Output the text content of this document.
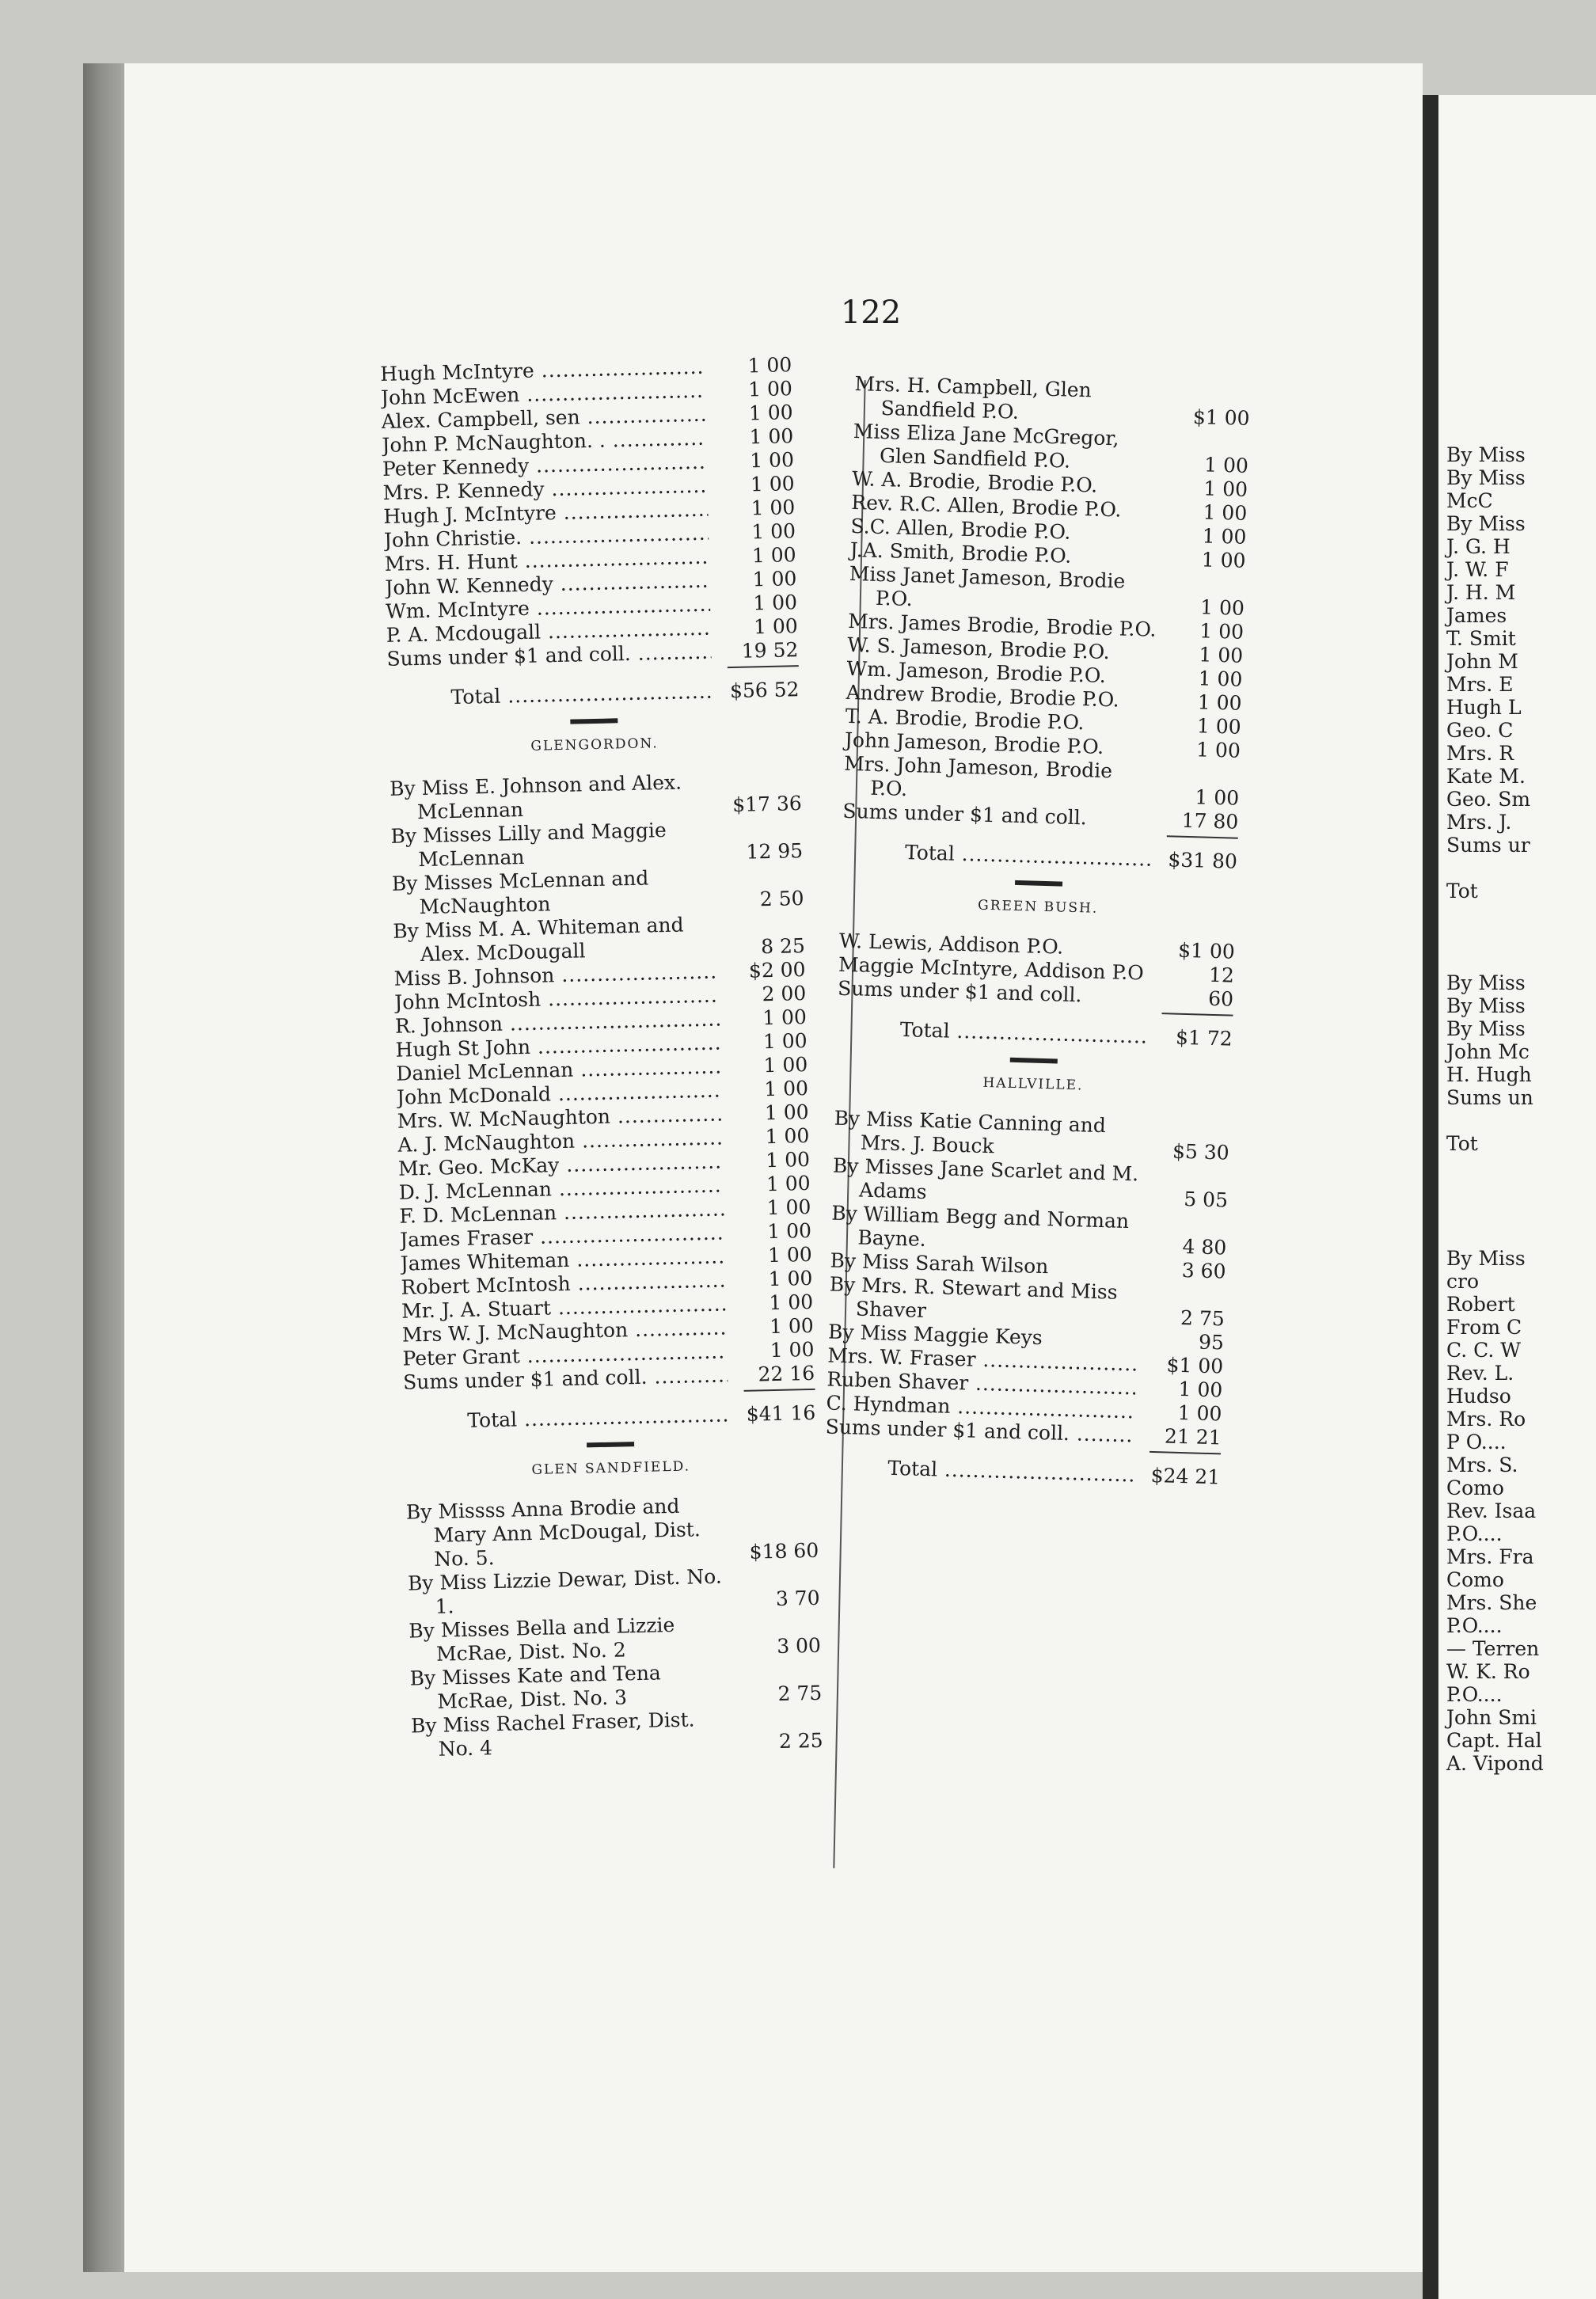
By Miss
By Miss
McC
By Miss
J. G. H
J. W. F
J. H. M
James
T. Smit
John M
Mrs. E
Hugh L
Geo. C
Mrs. R
Kate M.
Geo. Sm
Mrs. J.
Sums ur
Tot
By Miss
By Miss
By Miss
John Mc
H. Hugh
Sums un
Tot
By Miss
cro
Robert
From C
C. C. W
Rev. L.
Hudso
Mrs. Ro
P O....
Mrs. S.
Como
Rev. Isaa
P.O....
Mrs. Fra
Como
Mrs. She
P.O....
— Terren
W. K. Ro
P.O....
John Smi
Capt. Hal
A. Vipond
122
Hugh McIntyre .....	1 00
John McEwen .....	1 00
Alex. Campbell, sen .....	1 00
John P. McNaughton. . .....	1 00
Peter Kennedy .....	1 00
Mrs. P. Kennedy .....	1 00
Hugh J. McIntyre .....	1 00
John Christie. .....	1 00
Mrs. H. Hunt .....	1 00
John W. Kennedy .....	1 00
Wm. McIntyre .....	1 00
P. A. Mcdougall .....	1 00
Sums under $1 and coll. .....	19 52
Total .....	$56 52
GLENGORDON.
By Miss E. Johnson and Alex. McLennan	$17 36
By Misses Lilly and Maggie McLennan	12 95
By Misses McLennan and McNaughton	2 50
By Miss M. A. Whiteman and Alex. McDougall	8 25
Miss B. Johnson .....	$2 00
John McIntosh .....	2 00
R. Johnson .....	1 00
Hugh St John .....	1 00
Daniel McLennan .....	1 00
John McDonald .....	1 00
Mrs. W. McNaughton .....	1 00
A. J. McNaughton .....	1 00
Mr. Geo. McKay .....	1 00
D. J. McLennan .....	1 00
F. D. McLennan .....	1 00
James Fraser .....	1 00
James Whiteman .....	1 00
Robert McIntosh .....	1 00
Mr. J. A. Stuart .....	1 00
Mrs W. J. McNaughton .....	1 00
Peter Grant .....	1 00
Sums under $1 and coll. .....	22 16
Total .....	$41 16
GLEN SANDFIELD.
By Missss Anna Brodie and Mary Ann McDougal, Dist. No. 5.	$18 60
By Miss Lizzie Dewar, Dist. No. 1.	3 70
By Misses Bella and Lizzie McRae, Dist. No. 2	3 00
By Misses Kate and Tena McRae, Dist. No. 3	2 75
By Miss Rachel Fraser, Dist. No. 4	2 25
Mrs. H. Campbell, Glen Sandfield P.O.	$1 00
Miss Eliza Jane McGregor, Glen Sandfield P.O.	1 00
W. A. Brodie, Brodie P.O.	1 00
Rev. R.C. Allen, Brodie P.O.	1 00
S.C. Allen, Brodie P.O.	1 00
J.A. Smith, Brodie P.O.	1 00
Miss Janet Jameson, Brodie P.O.	1 00
Mrs. James Brodie, Brodie P.O.	1 00
W. S. Jameson, Brodie P.O.	1 00
Wm. Jameson, Brodie P.O.	1 00
Andrew Brodie, Brodie P.O.	1 00
T. A. Brodie, Brodie P.O.	1 00
John Jameson, Brodie P.O.	1 00
Mrs. John Jameson, Brodie P.O.	1 00
Sums under $1 and coll.	17 80
Total .....	$31 80
GREEN BUSH.
W. Lewis, Addison P.O.	$1 00
Maggie McIntyre, Addison P.O	12
Sums under $1 and coll.	60
Total .....	$1 72
HALLVILLE.
By Miss Katie Canning and Mrs. J. Bouck	$5 30
By Misses Jane Scarlet and M. Adams	5 05
By William Begg and Norman Bayne.	4 80
By Miss Sarah Wilson	3 60
By Mrs. R. Stewart and Miss Shaver	2 75
By Miss Maggie Keys	95
Mrs. W. Fraser .....	$1 00
Ruben Shaver .....	1 00
C. Hyndman .....	1 00
Sums under $1 and coll. .....	21 21
Total .....	$24 21
